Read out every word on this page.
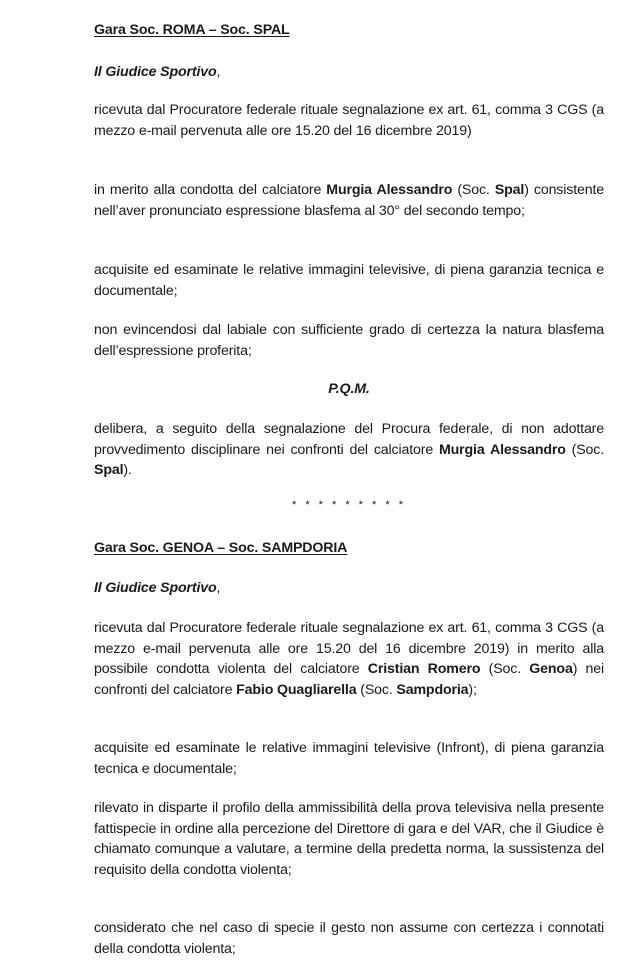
Gara Soc. ROMA – Soc. SPAL

Il Giudice Sportivo,

ricevuta dal Procuratore federale rituale segnalazione ex art. 61, comma 3 CGS (a mezzo e-mail pervenuta alle ore 15.20 del 16 dicembre 2019)

in merito alla condotta del calciatore Murgia Alessandro (Soc. Spal) consistente nell’aver pronunciato espressione blasfema al 30° del secondo tempo;

acquisite ed esaminate le relative immagini televisive, di piena garanzia tecnica e documentale;

non evincendosi dal labiale con sufficiente grado di certezza la natura blasfema dell’espressione proferita;

P.Q.M.

delibera, a seguito della segnalazione del Procura federale, di non adottare provvedimento disciplinare nei confronti del calciatore Murgia Alessandro (Soc. Spal).

* * * * * * * * *

Gara Soc. GENOA – Soc. SAMPDORIA

Il Giudice Sportivo,

ricevuta dal Procuratore federale rituale segnalazione ex art. 61, comma 3 CGS (a mezzo e-mail pervenuta alle ore 15.20 del 16 dicembre 2019) in merito alla possibile condotta violenta del calciatore Cristian Romero (Soc. Genoa) nei confronti del calciatore Fabio Quagliarella (Soc. Sampdoria);

acquisite ed esaminate le relative immagini televisive (Infront), di piena garanzia tecnica e documentale;

rilevato in disparte il profilo della ammissibilità della prova televisiva nella presente fattispecie in ordine alla percezione del Direttore di gara e del VAR, che il Giudice è chiamato comunque a valutare, a termine della predetta norma, la sussistenza del requisito della condotta violenta;

considerato che nel caso di specie il gesto non assume con certezza i connotati della condotta violenta;
